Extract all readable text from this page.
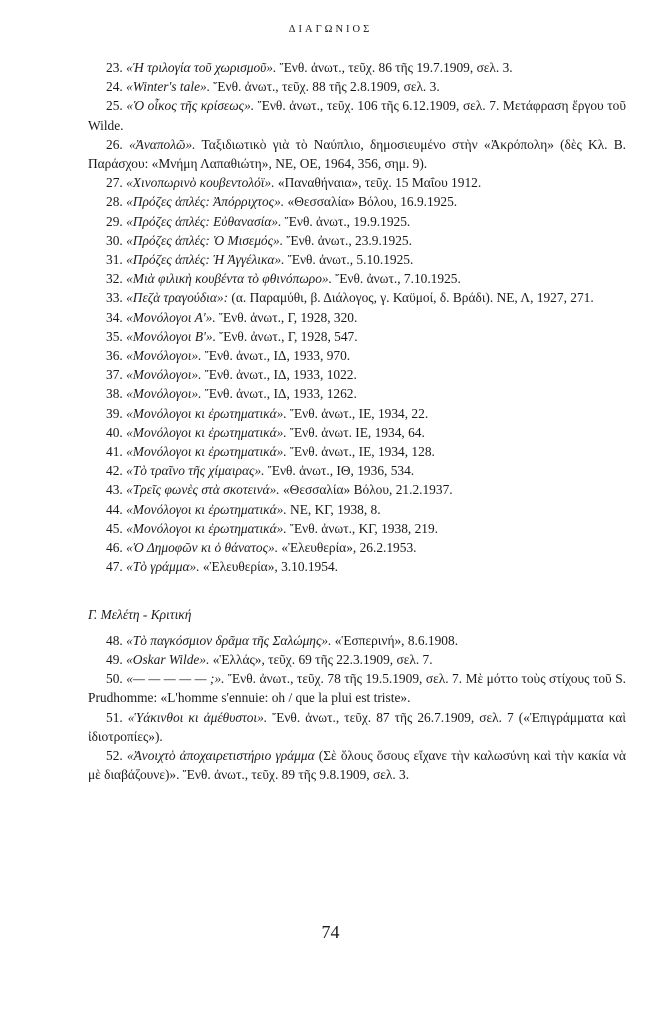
ΔΙΑΓΩΝΙΟΣ

23. «Ἡ τριλογία τοῦ χωρισμοῦ». Ἔνθ. ἀνωτ., τεῦχ. 86 τῆς 19.7.1909, σελ. 3.

24. «Winter's tale». Ἔνθ. ἀνωτ., τεῦχ. 88 τῆς 2.8.1909, σελ. 3.

25. «Ὁ οἶκος τῆς κρίσεως». Ἔνθ. ἀνωτ., τεῦχ. 106 τῆς 6.12.1909, σελ. 7. Μετάφραση ἔργου τοῦ Wilde.

26. «Ἀναπολῶ». Ταξιδιωτικὸ γιὰ τὸ Ναύπλιο, δημοσιευμένο στὴν «Ἀκρόπολη» (δὲς Κλ. Β. Παράσχου: «Μνήμη Λαπαθιώτη», ΝΕ, ΟΕ, 1964, 356, σημ. 9).

27. «Χινοπωρινὸ κουβεντολόϊ». «Παναθήναια», τεῦχ. 15 Μαΐου 1912.

28. «Πρόζες ἁπλές: Ἀπόρριχτος». «Θεσσαλία» Βόλου, 16.9.1925.

29. «Πρόζες ἁπλές: Εὐθανασία». Ἔνθ. ἀνωτ., 19.9.1925.

30. «Πρόζες ἁπλές: Ὁ Μισεμός». Ἔνθ. ἀνωτ., 23.9.1925.

31. «Πρόζες ἁπλές: Ἡ Ἀγγέλικα». Ἔνθ. ἀνωτ., 5.10.1925.

32. «Μιὰ φιλικὴ κουβέντα τὸ φθινόπωρο». Ἔνθ. ἀνωτ., 7.10.1925.

33. «Πεζὰ τραγούδια»: (α. Παραμύθι, β. Διάλογος, γ. Καϋμοί, δ. Βράδι). ΝΕ, Λ, 1927, 271.

34. «Μονόλογοι Α'». Ἔνθ. ἀνωτ., Γ, 1928, 320.

35. «Μονόλογοι Β'». Ἔνθ. ἀνωτ., Γ, 1928, 547.

36. «Μονόλογοι». Ἔνθ. ἀνωτ., ΙΔ, 1933, 970.

37. «Μονόλογοι». Ἔνθ. ἀνωτ., ΙΔ, 1933, 1022.

38. «Μονόλογοι». Ἔνθ. ἀνωτ., ΙΔ, 1933, 1262.

39. «Μονόλογοι κι ἐρωτηματικά». Ἔνθ. ἀνωτ., ΙΕ, 1934, 22.

40. «Μονόλογοι κι ἐρωτηματικά». Ἔνθ. ἀνωτ. ΙΕ, 1934, 64.

41. «Μονόλογοι κι ἐρωτηματικά». Ἔνθ. ἀνωτ., ΙΕ, 1934, 128.

42. «Τὸ τραῖνο τῆς χίμαιρας». Ἔνθ. ἀνωτ., ΙΘ, 1936, 534.

43. «Τρεῖς φωνὲς στὰ σκοτεινά». «Θεσσαλία» Βόλου, 21.2.1937.

44. «Μονόλογοι κι ἐρωτηματικά». ΝΕ, ΚΓ, 1938, 8.

45. «Μονόλογοι κι ἐρωτηματικά». Ἔνθ. ἀνωτ., ΚΓ, 1938, 219.

46. «Ὁ Δημοφῶν κι ὁ θάνατος». «Ἐλευθερία», 26.2.1953.

47. «Τὸ γράμμα». «Ἐλευθερία», 3.10.1954.

Γ. Μελέτη - Κριτική

48. «Τὸ παγκόσμιον δρᾶμα τῆς Σαλώμης». «Ἑσπερινή», 8.6.1908.

49. «Oskar Wilde». «Ἑλλάς», τεῦχ. 69 τῆς 22.3.1909, σελ. 7.

50. «— — — — — ;». Ἔνθ. ἀνωτ., τεῦχ. 78 τῆς 19.5.1909, σελ. 7. Μὲ μόττο τοὺς στίχους τοῦ S. Prudhomme: «L'homme s'ennuie: oh / que la plui est triste».

51. «Ὑάκινθοι κι ἀμέθυστοι». Ἔνθ. ἀνωτ., τεῦχ. 87 τῆς 26.7.1909, σελ. 7 («Ἐπιγράμματα καὶ ἰδιοτροπίες»).

52. «Ἀνοιχτὸ ἀποχαιρετιστήριο γράμμα (Σὲ ὅλους ὅσους εἴχανε τὴν καλωσύνη καὶ τὴν κακία νὰ μὲ διαβάζουνε)». Ἔνθ. ἀνωτ., τεῦχ. 89 τῆς 9.8.1909, σελ. 3.

74
